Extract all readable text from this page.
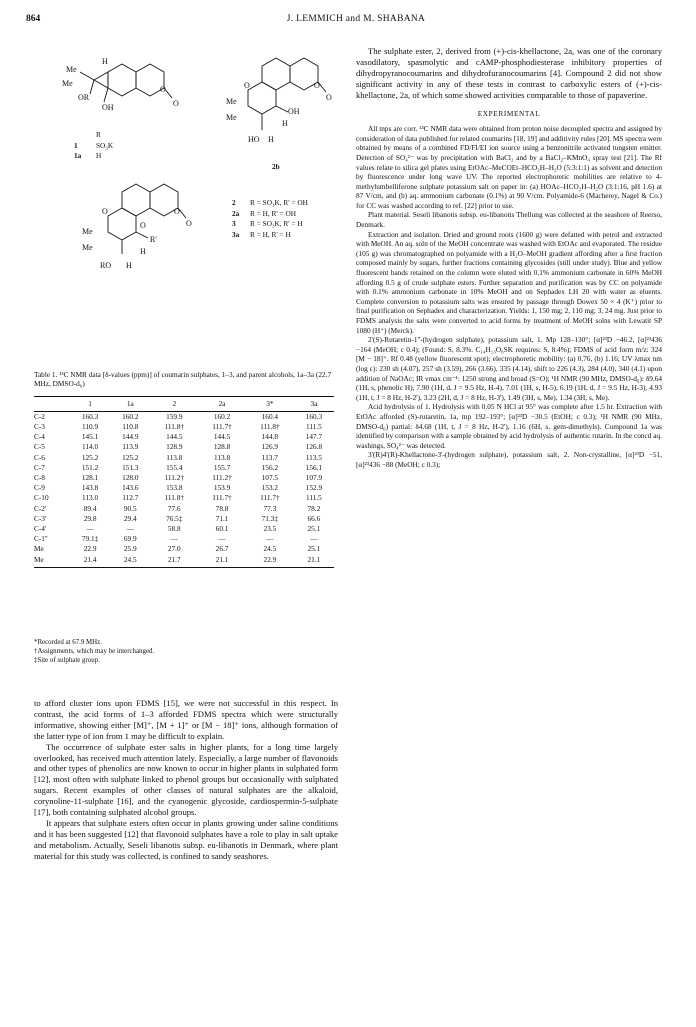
864	J. LEMMICH and M. SHABANA
Me
Me
OR
OH
O
O
H
R
1	SO₃K
1a H
Me
Me
O	O
O
OH
H
HO H
2b
Me
Me
O	O
O
O
R'
RO H
H
2 R = SO₃K, R' = OH
2a R = H, R' = OH
3 R = SO₃K, R' = H
3a R = H, R' = H
Table 1. ¹³C NMR data [δ-values (ppm)] of coumarin sulphates, 1–3, and parent alcohols, 1a–3a (22.7 MHz, DMSO-d₆)
	1	1a	2	2a	3*	3a
C-2	160.3	160.2	159.9	160.2	160.4	160.3
C-3	110.9	110.8	111.8†	111.7†	111.8†	111.5
C-4	145.1	144.9	144.5	144.5	144.8	147.7
C-5	114.0	113.9	128.9	128.8	126.9	126.8
C-6	125.2	125.2	113.8	113.8	113.7	113.5
C-7	151.2	151.3	155.4	155.7	156.2	156.1
C-8	128.1	128.0	111.2†	111.2†	107.5	107.9
C-9	143.8	143.6	153.8	153.9	153.2	152.9
C-10	113.0	112.7	111.8†	111.7†	111.7†	111.5
C-2'	89.4	90.5	77.6	78.8	77.3	78.2
C-3'	29.8	29.4	76.5‡	71.1	71.3‡	66.6
C-4'	—	—	58.8	60.1	23.5	25.1
C-1''	79.1‡	69.9	—	—	—	—
Me	22.9	25.9	27.0	26.7	24.5	25.1
Me	21.4	24.5	21.7	21.1	22.9	21.1
*Recorded at 67.9 MHz.
†Assignments, which may be interchanged.
‡Site of sulphate group.

to afford cluster ions upon FDMS [15], we were not successful in this respect. In contrast, the acid forms of 1–3 afforded FDMS spectra which were structurally informative, showing either [M]⁺, [M + 1]⁺ or [M − 18]⁺ ions, although formation of the latter type of ion from 1 may be difficult to explain.

The occurrence of sulphate ester salts in higher plants, for a long time largely overlooked, has received much attention lately. Especially, a large number of flavonoids and other types of phenolics are now known to occur in higher plants in sulphated form [12], most often with sulphate linked to phenol groups but occasionally with sulphated sugars. Recent examples of other classes of natural sulphates are the alkaloid, corynoline-11-sulphate [16], and the cyanogenic glycoside, cardiospermin-5-sulphate [17], both containing sulphated alcohol groups.

It appears that sulphate esters often occur in plants growing under saline conditions and it has been suggested [12] that flavonoid sulphates have a role to play in salt uptake and metabolism. Actually, Seseli libanotis subsp. eu-libanotis in Denmark, where plant material for this study was collected, is confined to sandy seashores.

The sulphate ester, 2, derived from (+)-cis-khellactone, 2a, was one of the coronary vasodilatory, spasmolytic and cAMP-phosphodiesterase inhibitory properties of dihydropyranocoumarins and dihydrofuranocoumarins [4]. Compound 2 did not show significant activity in any of these tests in contrast to carboxylic esters of (+)-cis-khellactone, 2a, of which some showed activities comparable to those of papaverine.

EXPERIMENTAL

All mps are corr. ¹³C NMR data were obtained from proton noise decoupled spectra and assigned by consideration of data published for related coumarins [18, 19] and additivity rules [20]. MS spectra were obtained by means of a combined FD/FI/EI ion source using a benzonitrile activated tungsten emitter. Detection of SO₄²⁻ was by precipitation with BaCl₂ and by a BaCl₂–KMnO₄ spray test [21]. The Rf values relate to silica gel plates using EtOAc–MeCOEt–HCO₂H–H₂O (5:3:1:1) as solvent and detection by fluorescence under long wave UV. The reported electrophoretic mobilities are relative to 4-methylumbelliferone sulphate potassium salt on paper in: (a) HOAc–HCO₂H–H₂O (3:1:16, pH 1.6) at 87 V/cm, and (b) aq. ammonium carbonate (0.1%) at 90 V/cm. Polyamide-6 (Macherey, Nagel & Co.) for CC was washed according to ref. [22] prior to use.

Plant material. Seseli libanotis subsp. eu-libanotis Thellung was collected at the seashore of Reerso, Denmark.

Extraction and isolation. Dried and ground roots (1600 g) were defatted with petrol and extracted with MeOH. An aq. soln of the MeOH concentrate was washed with EtOAc and evaporated. The residue (105 g) was chromatographed on polyamide with a H₂O–MeOH gradient affording after a first fraction composed mainly by sugars, further fractions containing glycosides (still under study). Blue and yellow fluorescent bands retained on the column were eluted with 0.1% ammonium carbonate in 60% MeOH affording 0.5 g of crude sulphate esters. Further separation and purification was by CC on polyamide with 0.1% ammonium carbonate in 10% MeOH and on Sephadex LH 20 with water as eluents. Complete conversion to potassium salts was ensured by passage through Dowex 50 × 4 (K⁺) prior to final purification on Sephadex and characterization. Yields: 1, 150 mg; 2, 110 mg; 3, 24 mg. Just prior to FDMS analysis the salts were converted to acid forms by treatment of MeOH solns with Lewatit SP 1080 (H⁺) (Merck).

2'(S)-Rutaretin-1''-(hydrogen sulphate), potassium salt, 1. Mp 128–130°; [α]²³D −46.2, [α]²³436 −164 (MeOH; c 0.4); (Found: S, 8.3%. C₁₄H₁₃O₈SK requires: S, 8.4%); FDMS of acid form m/z: 324 [M − 18]⁺. Rf 0.48 (yellow fluorescent spot); electrophoretic mobility: (a) 0.76, (b) 1.16; UV λmax nm (log ε): 230 sh (4.07), 257 sh (3.59), 266 (3.66), 335 (4.14), shift to 226 (4.3), 284 (4.0), 340 (4.1) upon addition of NaOAc; IR νmax cm⁻¹: 1250 strong and broad (S=O); ¹H NMR (90 MHz, DMSO-d₆): δ9.64 (1H, s, phenolic H), 7.90 (1H, d, J = 9.5 Hz, H-4), 7.01 (1H, s, H-5), 6.19 (1H, d, J = 9.5 Hz, H-3), 4.93 (1H, t, J = 8 Hz, H-2'), 3.23 (2H, d, J = 8 Hz, H-3'), 1.49 (3H, s, Me), 1.34 (3H, s, Me).

Acid hydrolysis of 1. Hydrolysis with 0.05 N HCl at 95° was complete after 1.5 hr. Extraction with EtOAc afforded (S)-rutaretin, 1a, mp 192–193°; [α]²³D −30.5 (EtOH; c 0.3); ¹H NMR (90 MHz, DMSO-d₆) partial: δ4.68 (1H, t, J = 8 Hz, H-2'), 1.16 (6H, s, gem-dimethyls). Compound 1a was identified by comparison with a sample obtained by acid hydrolysis of authentic rutarin. In the concd aq. washings, SO₄²⁻ was detected.

3'(R)4'(R)-Khellactone-3'-(hydrogen sulphate), potassium salt, 2. Non-crystalline, [α]²³D −51, [α]²³436 −88 (MeOH; c 0.3);
